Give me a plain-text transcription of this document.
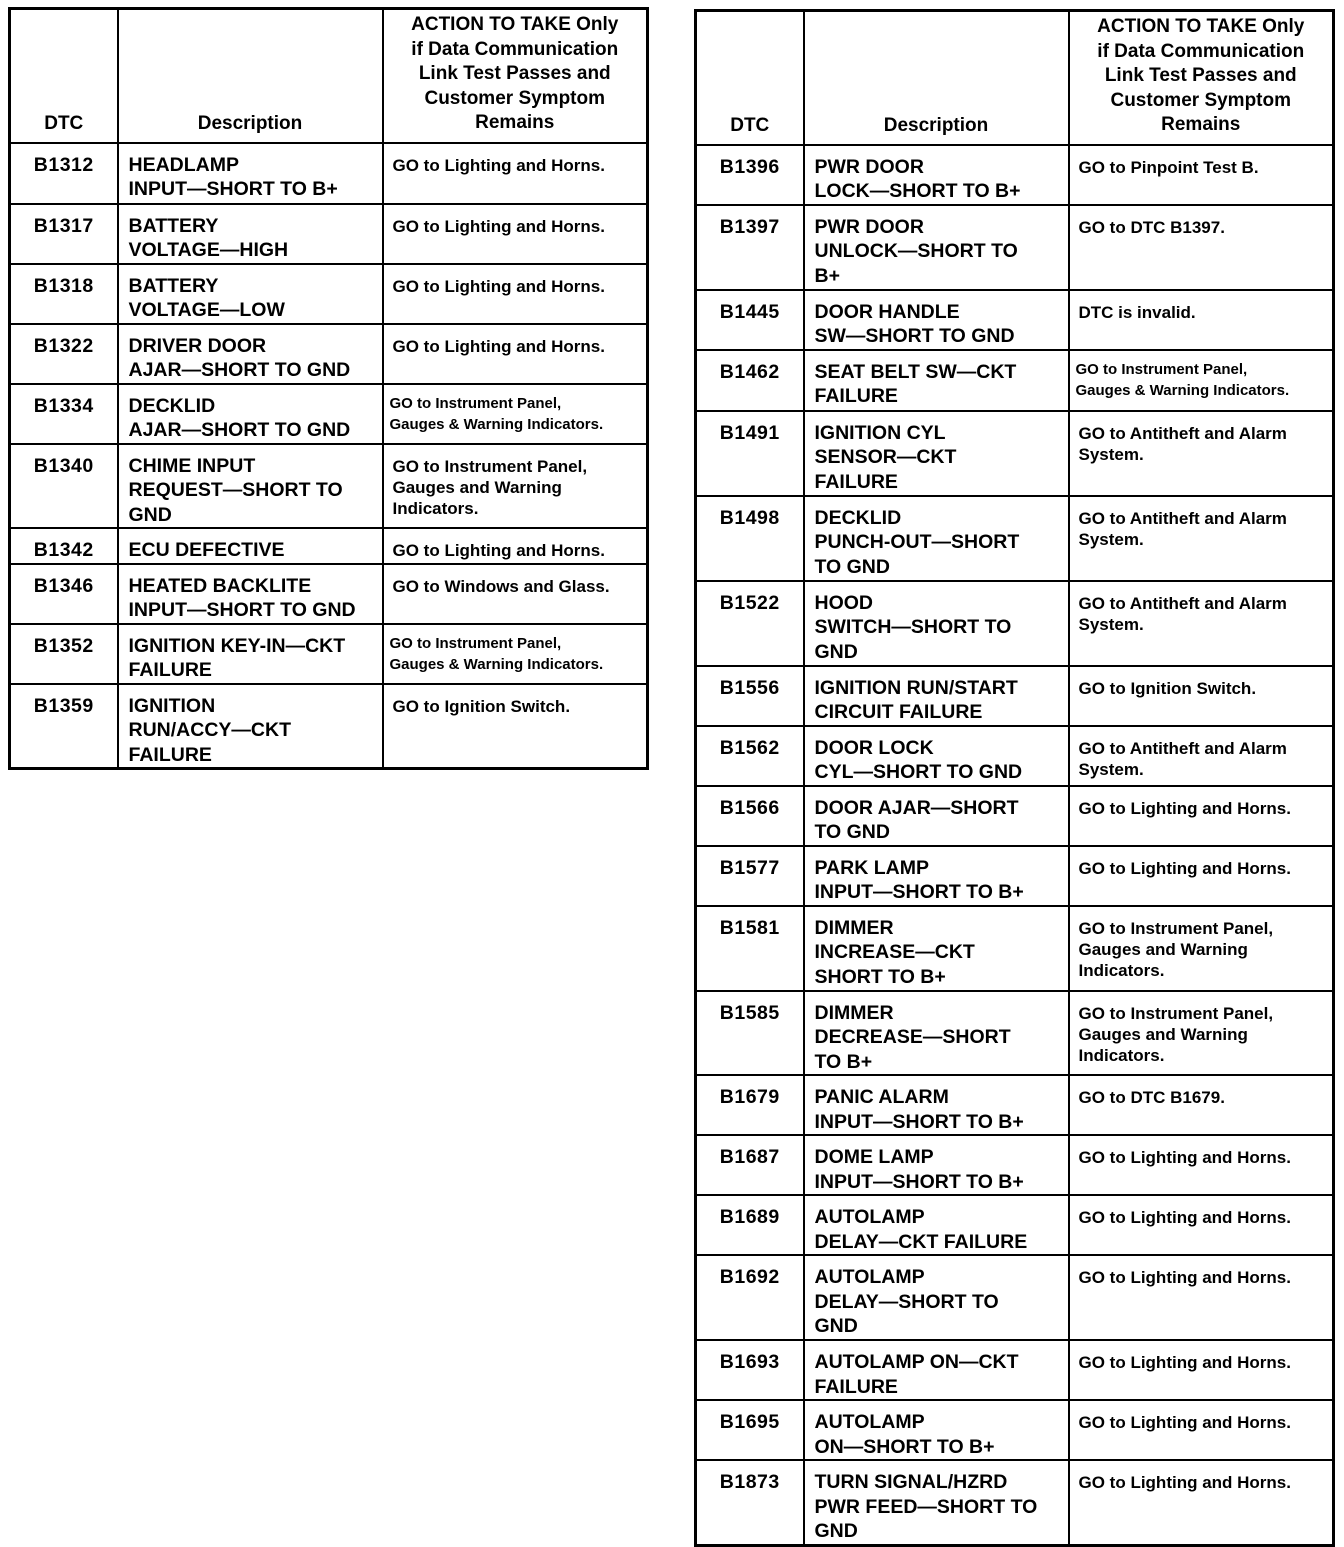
DTC	Description	ACTION TO TAKE Only
if Data Communication
Link Test Passes and
Customer Symptom
Remains

B1312	HEADLAMP
INPUT—SHORT TO B+	GO to Lighting and Horns.

B1317	BATTERY
VOLTAGE—HIGH	GO to Lighting and Horns.

B1318	BATTERY
VOLTAGE—LOW	GO to Lighting and Horns.

B1322	DRIVER DOOR
AJAR—SHORT TO GND	GO to Lighting and Horns.

B1334	DECKLID
AJAR—SHORT TO GND	GO to Instrument Panel,
Gauges & Warning Indicators.

B1340	CHIME INPUT
REQUEST—SHORT TO
GND	GO to Instrument Panel,
Gauges and Warning
Indicators.

B1342	ECU DEFECTIVE	GO to Lighting and Horns.

B1346	HEATED BACKLITE
INPUT—SHORT TO GND	GO to Windows and Glass.

B1352	IGNITION KEY-IN—CKT
FAILURE	GO to Instrument Panel,
Gauges & Warning Indicators.

B1359	IGNITION
RUN/ACCY—CKT
FAILURE	GO to Ignition Switch.
DTC	Description	ACTION TO TAKE Only
if Data Communication
Link Test Passes and
Customer Symptom
Remains

B1396	PWR DOOR
LOCK—SHORT TO B+	GO to Pinpoint Test B.

B1397	PWR DOOR
UNLOCK—SHORT TO
B+	GO to DTC B1397.

B1445	DOOR HANDLE
SW—SHORT TO GND	DTC is invalid.

B1462	SEAT BELT SW—CKT
FAILURE	GO to Instrument Panel,
Gauges & Warning Indicators.

B1491	IGNITION CYL
SENSOR—CKT
FAILURE	GO to Antitheft and Alarm
System.

B1498	DECKLID
PUNCH-OUT—SHORT
TO GND	GO to Antitheft and Alarm
System.

B1522	HOOD
SWITCH—SHORT TO
GND	GO to Antitheft and Alarm
System.

B1556	IGNITION RUN/START
CIRCUIT FAILURE	GO to Ignition Switch.

B1562	DOOR LOCK
CYL—SHORT TO GND	GO to Antitheft and Alarm
System.

B1566	DOOR AJAR—SHORT
TO GND	GO to Lighting and Horns.

B1577	PARK LAMP
INPUT—SHORT TO B+	GO to Lighting and Horns.

B1581	DIMMER
INCREASE—CKT
SHORT TO B+	GO to Instrument Panel,
Gauges and Warning
Indicators.

B1585	DIMMER
DECREASE—SHORT
TO B+	GO to Instrument Panel,
Gauges and Warning
Indicators.

B1679	PANIC ALARM
INPUT—SHORT TO B+	GO to DTC B1679.

B1687	DOME LAMP
INPUT—SHORT TO B+	GO to Lighting and Horns.

B1689	AUTOLAMP
DELAY—CKT FAILURE	GO to Lighting and Horns.

B1692	AUTOLAMP
DELAY—SHORT TO
GND	GO to Lighting and Horns.

B1693	AUTOLAMP ON—CKT
FAILURE	GO to Lighting and Horns.

B1695	AUTOLAMP
ON—SHORT TO B+	GO to Lighting and Horns.

B1873	TURN SIGNAL/HZRD
PWR FEED—SHORT TO
GND	GO to Lighting and Horns.
